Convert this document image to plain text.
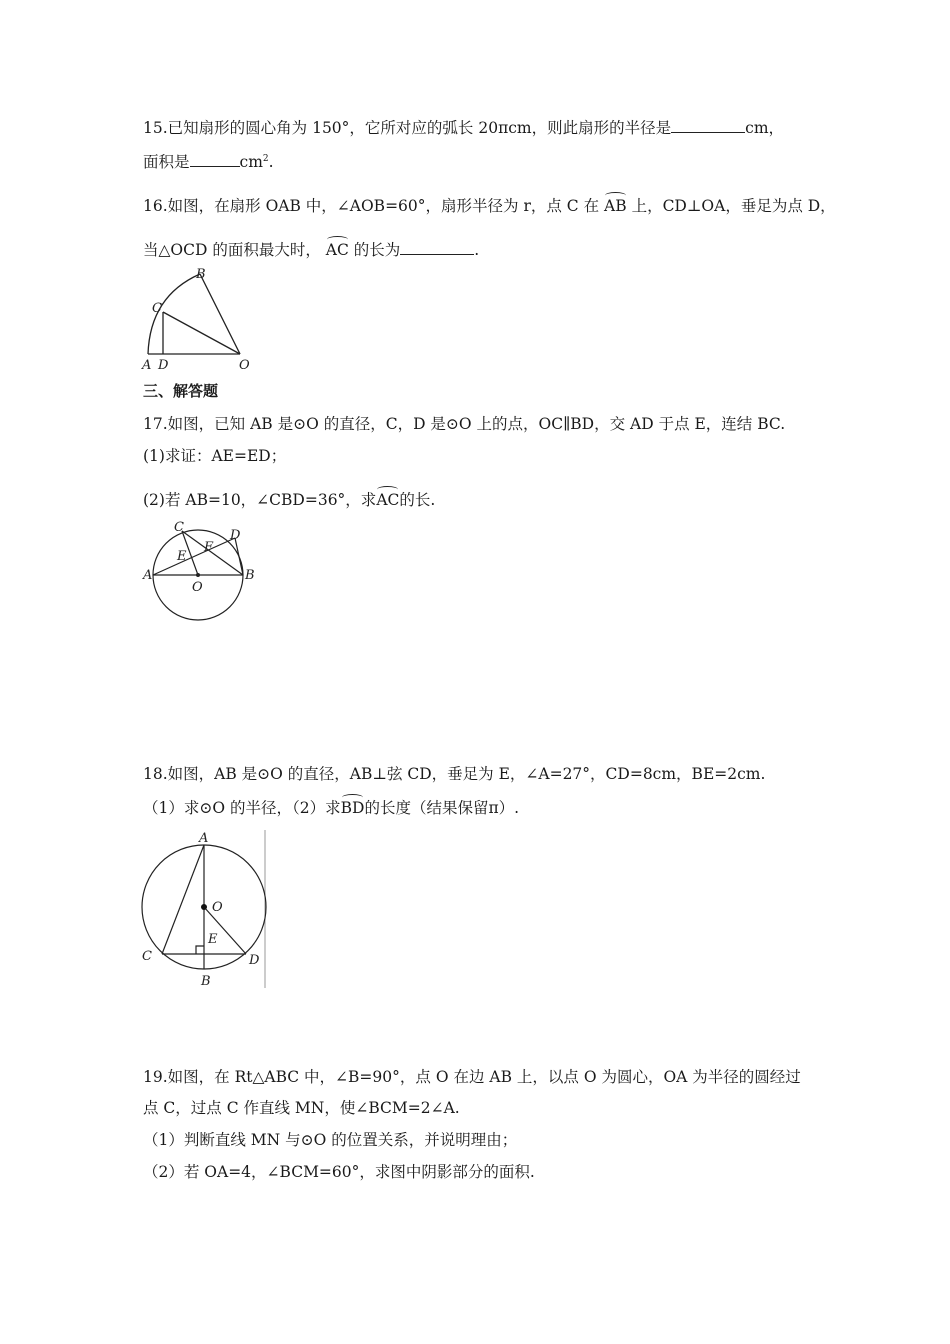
15.已知扇形的圆心角为 150°，它所对应的弧长 20πcm，则此扇形的半径是	cm，
面积是	$cm^2$.
16.如图，在扇形 OAB 中，∠AOB=60°，扇形半径为 r，点 C 在 AB 上，CD⊥OA，垂足为点 D，
当△OCD 的面积最大时， AC 的长为	.
B
C
A D	O
三、解答题
17.如图，已知 AB 是⊙O 的直径，C，D 是⊙O 上的点，OC∥BD，交 AD 于点 E，连结 BC.
(1)求证：AE=ED；
(2)若 AB=10，∠CBD=36°，求AC的长.
C
D
E
F
A	B
O
18.如图，AB 是⊙O 的直径，AB⊥弦 CD，垂足为 E，∠A=27°，CD=8cm，BE=2cm.
（1）求⊙O 的半径，（2）求BD的长度（结果保留π）.
A
O
E
C	D
B
19.如图，在 Rt△ABC 中，∠B=90°，点 O 在边 AB 上，以点 O 为圆心，OA 为半径的圆经过
点 C，过点 C 作直线 MN，使∠BCM=2∠A.
（1）判断直线 MN 与⊙O 的位置关系，并说明理由；
（2）若 OA=4，∠BCM=60°，求图中阴影部分的面积.
